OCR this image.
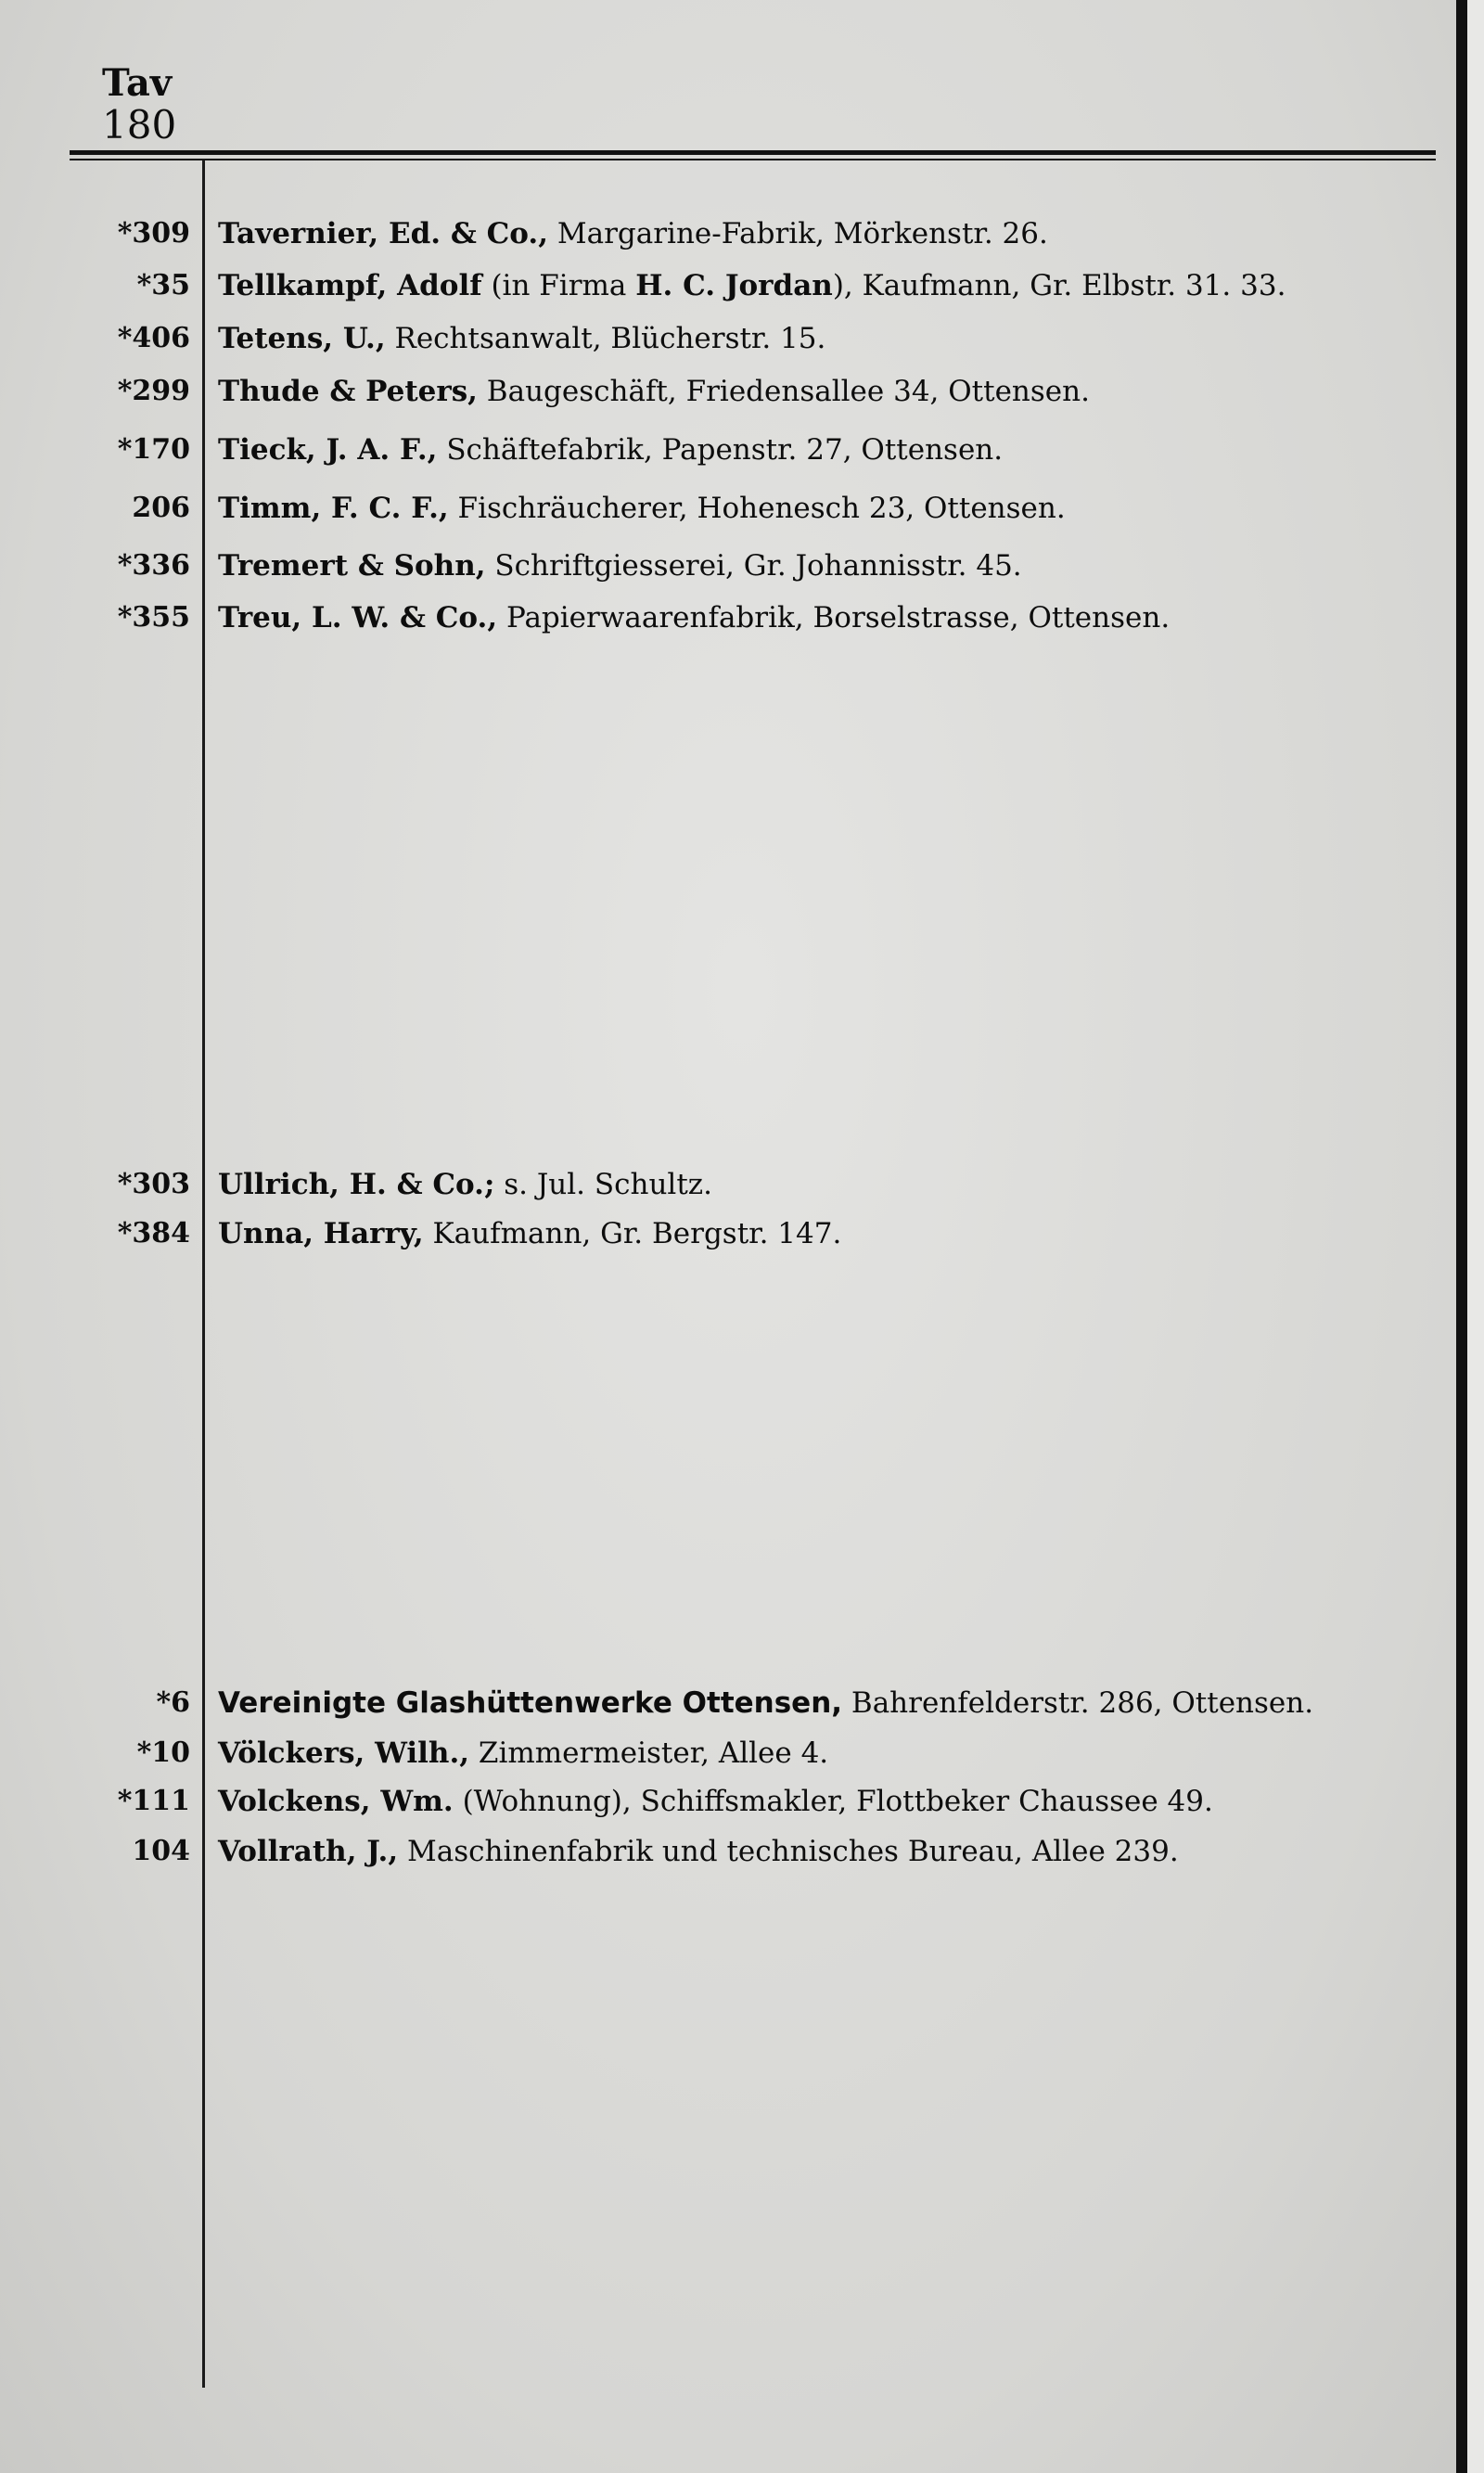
Tav
180
*309 Tavernier, Ed. & Co., Margarine-Fabrik, Mörkenstr. 26.
*35 Tellkampf, Adolf (in Firma H. C. Jordan), Kaufmann, Gr. Elbstr. 31. 33.
*406 Tetens, U., Rechtsanwalt, Blücherstr. 15.
*299 Thude & Peters, Baugeschäft, Friedensallee 34, Ottensen.
*170 Tieck, J. A. F., Schäftefabrik, Papenstr. 27, Ottensen.
206 Timm, F. C. F., Fischräucherer, Hohenesch 23, Ottensen.
*336 Tremert & Sohn, Schriftgiesserei, Gr. Johannisstr. 45.
*355 Treu, L. W. & Co., Papierwaarenfabrik, Borselstrasse, Ottensen.
*303 Ullrich, H. & Co.; s. Jul. Schultz.
*384 Unna, Harry, Kaufmann, Gr. Bergstr. 147.
*6 Vereinigte Glashüttenwerke Ottensen, Bahrenfelderstr. 286, Ottensen.
*10 Völckers, Wilh., Zimmermeister, Allee 4.
*111 Volckens, Wm. (Wohnung), Schiffsmakler, Flottbeker Chaussee 49.
104 Vollrath, J., Maschinenfabrik und technisches Bureau, Allee 239.
